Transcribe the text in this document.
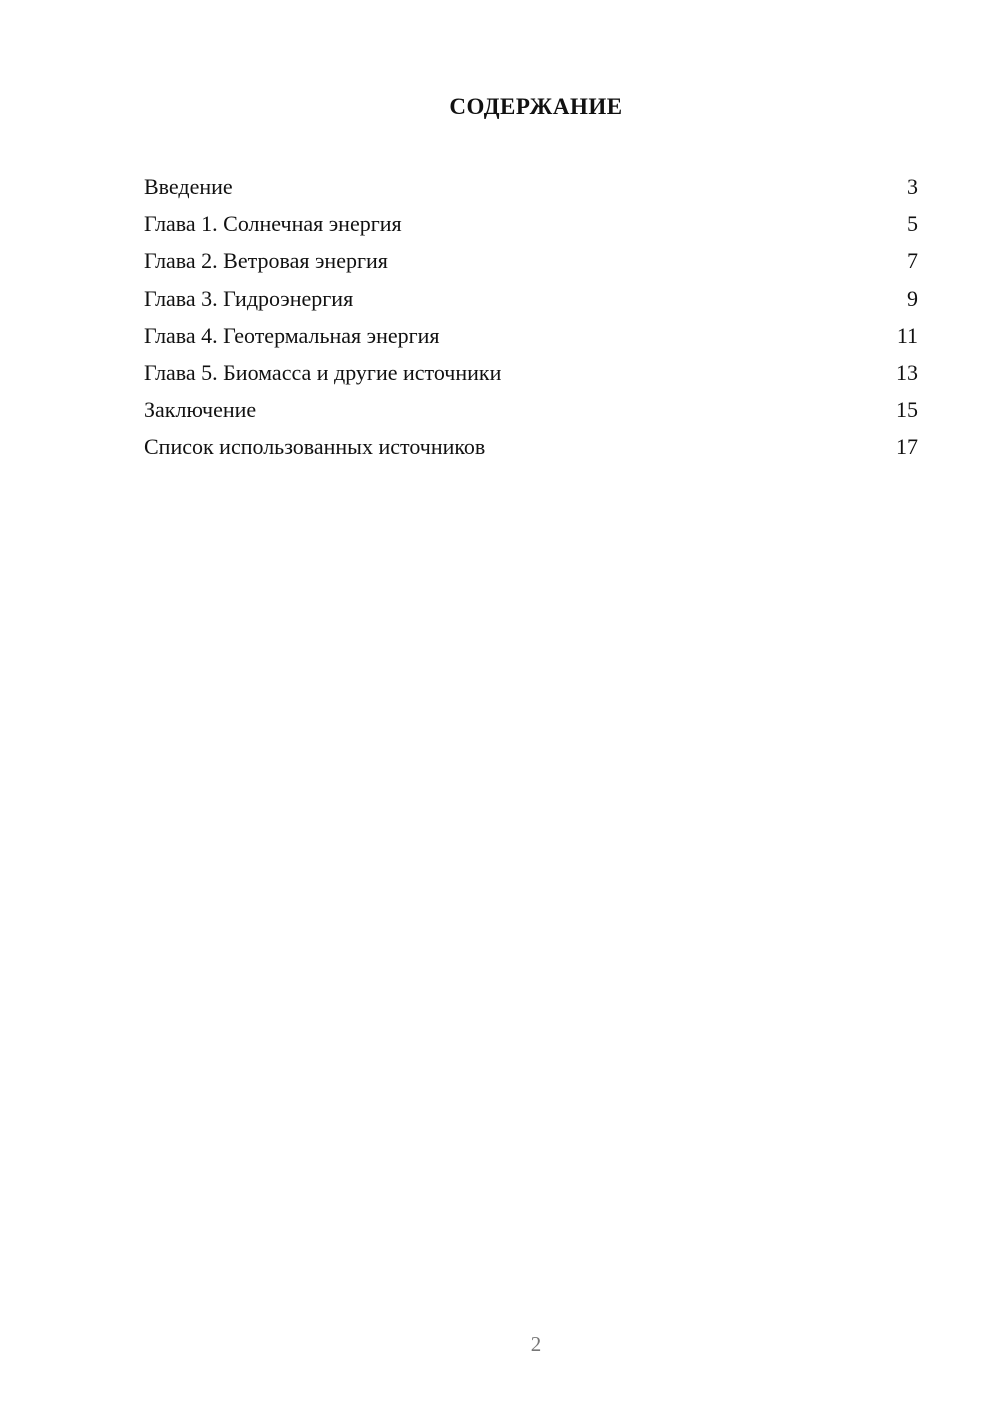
СОДЕРЖАНИЕ
Введение	3
Глава 1. Солнечная энергия	5
Глава 2. Ветровая энергия	7
Глава 3. Гидроэнергия	9
Глава 4. Геотермальная энергия	11
Глава 5. Биомасса и другие источники	13
Заключение	15
Список использованных источников	17
2
